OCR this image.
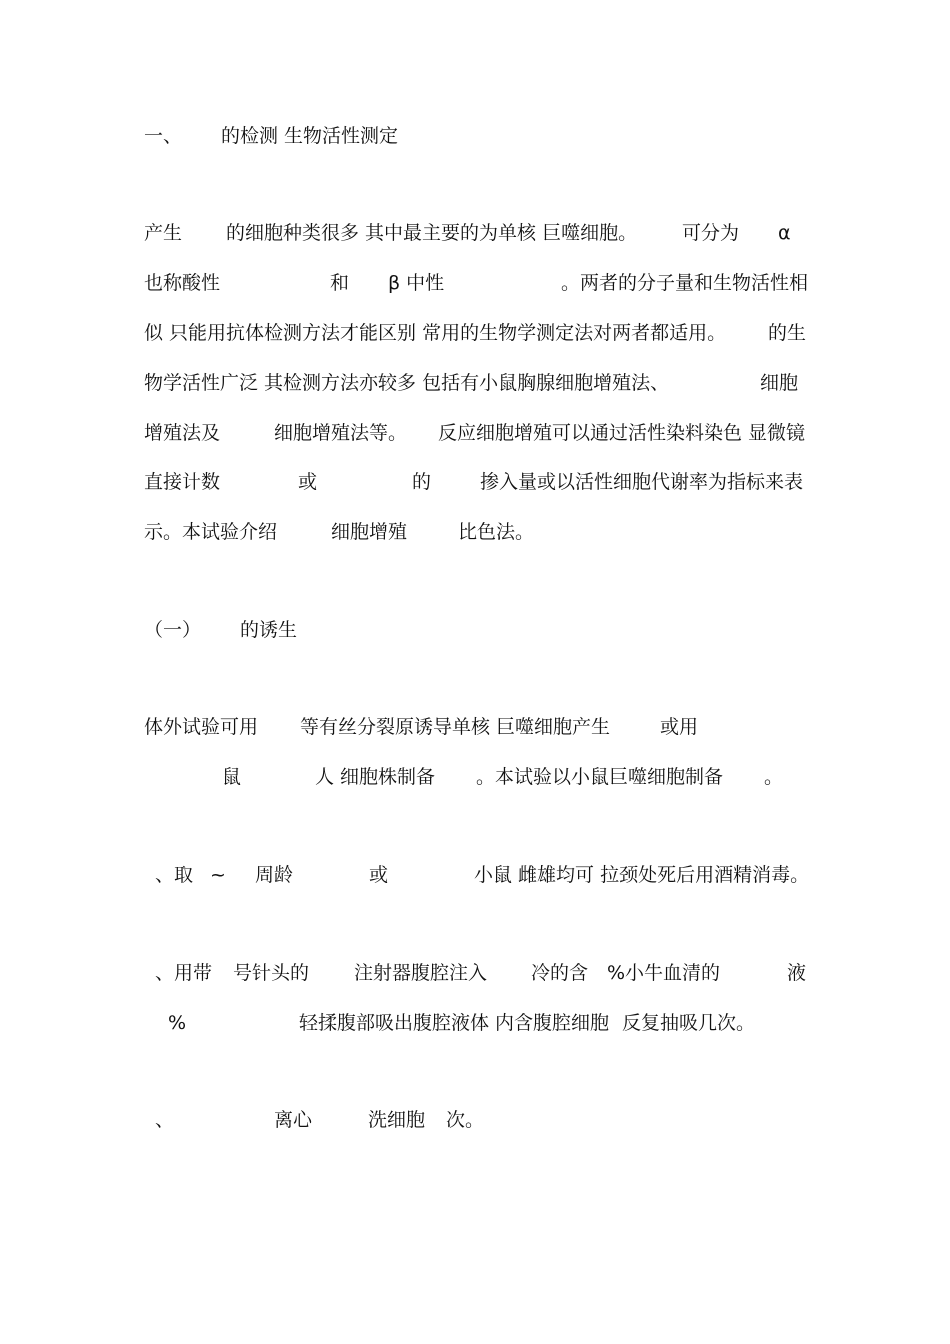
一、 的检测 生物活性测定
产生 的细胞种类很多 其中最主要的为单核 巨噬细胞。 可分为 α
也称酸性	和 β 中性	。两者的分子量和生物活性相
似 只能用抗体检测方法才能区别 常用的生物学测定法对两者都适用。 的生
物学活性广泛 其检测方法亦较多 包括有小鼠胸腺细胞增殖法、	细胞
增殖法及	细胞增殖法等。 反应细胞增殖可以通过活性染料染色 显微镜
直接计数	或	的	掺入量或以活性细胞代谢率为指标来表
示。本试验介绍	细胞增殖	比色法。
（一） 的诱生
体外试验可用 等有丝分裂原诱导单核 巨噬细胞产生	或用
鼠	人 细胞株制备 。本试验以小鼠巨噬细胞制备 。
、取 ~ 周龄	或	小鼠 雌雄均可 拉颈处死后用酒精消毒。
、用带 号针头的 注射器腹腔注入 冷的含 %小牛血清的	液
%	轻揉腹部吸出腹腔液体 内含腹腔细胞 反复抽吸几次。
、	离心	洗细胞 次。
